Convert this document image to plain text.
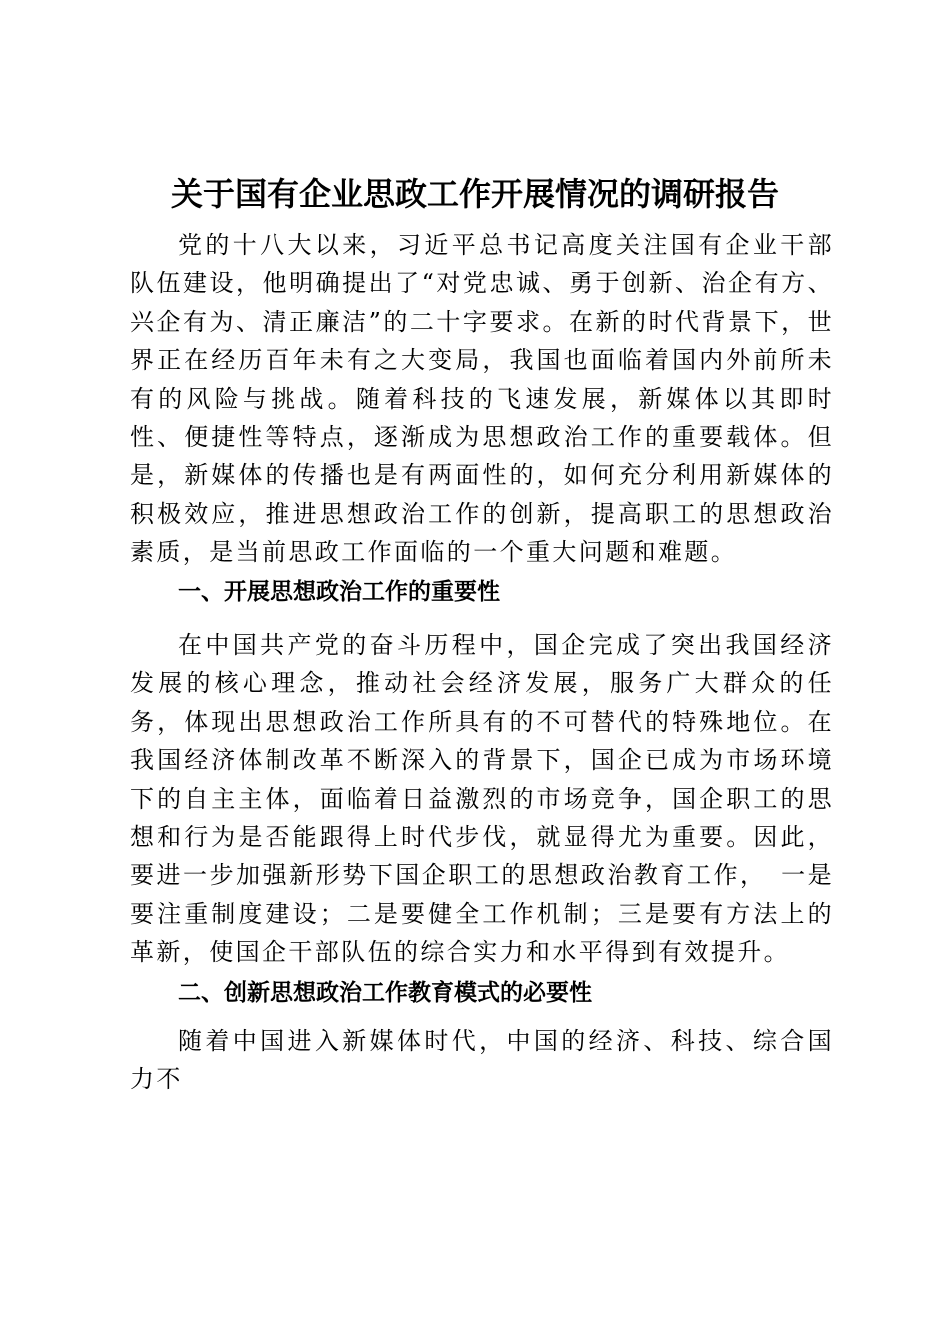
关于国有企业思政工作开展情况的调研报告

党的十八大以来，习近平总书记高度关注国有企业干部队伍建设，他明确提出了“对党忠诚、勇于创新、治企有方、兴企有为、清正廉洁”的二十字要求。在新的时代背景下，世界正在经历百年未有之大变局，我国也面临着国内外前所未有的风险与挑战。随着科技的飞速发展，新媒体以其即时性、便捷性等特点，逐渐成为思想政治工作的重要载体。但是，新媒体的传播也是有两面性的，如何充分利用新媒体的积极效应，推进思想政治工作的创新，提高职工的思想政治素质，是当前思政工作面临的一个重大问题和难题。

一、开展思想政治工作的重要性

在中国共产党的奋斗历程中，国企完成了突出我国经济发展的核心理念，推动社会经济发展，服务广大群众的任务，体现出思想政治工作所具有的不可替代的特殊地位。在我国经济体制改革不断深入的背景下，国企已成为市场环境下的自主主体，面临着日益激烈的市场竞争，国企职工的思想和行为是否能跟得上时代步伐，就显得尤为重要。因此，要进一步加强新形势下国企职工的思想政治教育工作，　一是要注重制度建设；二是要健全工作机制；三是要有方法上的革新，使国企干部队伍的综合实力和水平得到有效提升。

二、创新思想政治工作教育模式的必要性

随着中国进入新媒体时代，中国的经济、科技、综合国力不
